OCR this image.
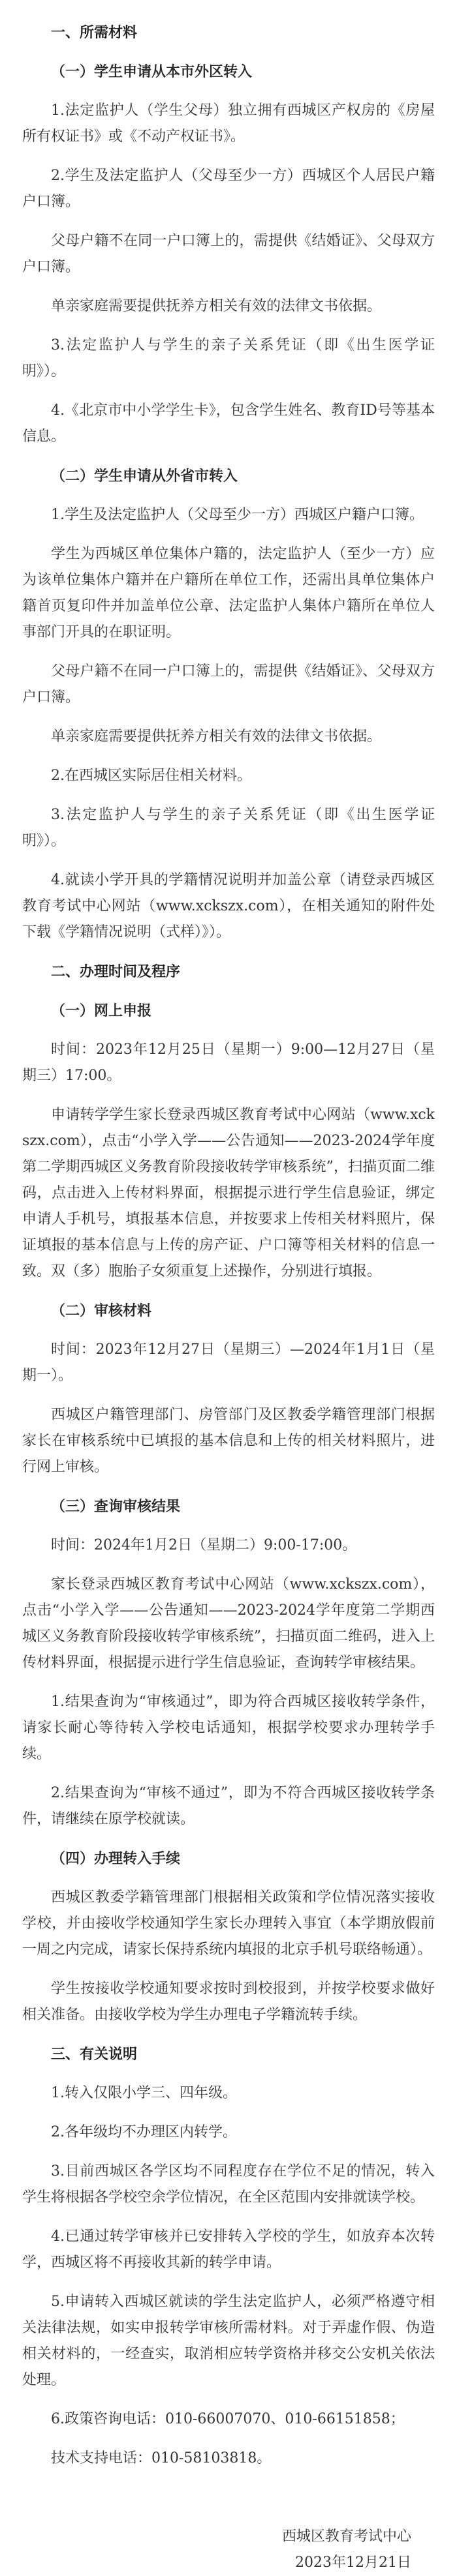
一、所需材料

（一）学生申请从本市外区转入

1.法定监护人（学生父母）独立拥有西城区产权房的《房屋所有权证书》或《不动产权证书》。

2.学生及法定监护人（父母至少一方）西城区个人居民户籍户口簿。

父母户籍不在同一户口簿上的，需提供《结婚证》、父母双方户口簿。

单亲家庭需要提供抚养方相关有效的法律文书依据。

3.法定监护人与学生的亲子关系凭证（即《出生医学证明》）。

4.《北京市中小学学生卡》，包含学生姓名、教育ID号等基本信息。

（二）学生申请从外省市转入

1.学生及法定监护人（父母至少一方）西城区户籍户口簿。

学生为西城区单位集体户籍的，法定监护人（至少一方）应为该单位集体户籍并在户籍所在单位工作，还需出具单位集体户籍首页复印件并加盖单位公章、法定监护人集体户籍所在单位人事部门开具的在职证明。

父母户籍不在同一户口簿上的，需提供《结婚证》、父母双方户口簿。

单亲家庭需要提供抚养方相关有效的法律文书依据。

2.在西城区实际居住相关材料。

3.法定监护人与学生的亲子关系凭证（即《出生医学证明》）。

4.就读小学开具的学籍情况说明并加盖公章（请登录西城区教育考试中心网站（www.xckszx.com），在相关通知的附件处下载《学籍情况说明（式样）》）。

二、办理时间及程序

（一）网上申报

时间：2023年12月25日（星期一）9:00—12月27日（星期三）17:00。

申请转学学生家长登录西城区教育考试中心网站（www.xckszx.com），点击“小学入学——公告通知——2023-2024学年度第二学期西城区义务教育阶段接收转学审核系统”，扫描页面二维码，点击进入上传材料界面，根据提示进行学生信息验证，绑定申请人手机号，填报基本信息，并按要求上传相关材料照片，保证填报的基本信息与上传的房产证、户口簿等相关材料的信息一致。双（多）胞胎子女须重复上述操作，分别进行填报。

（二）审核材料

时间：2023年12月27日（星期三）—2024年1月1日（星期一）。

西城区户籍管理部门、房管部门及区教委学籍管理部门根据家长在审核系统中已填报的基本信息和上传的相关材料照片，进行网上审核。

（三）查询审核结果

时间：2024年1月2日（星期二）9:00-17:00。

家长登录西城区教育考试中心网站（www.xckszx.com），点击“小学入学——公告通知——2023-2024学年度第二学期西城区义务教育阶段接收转学审核系统”，扫描页面二维码，进入上传材料界面，根据提示进行学生信息验证，查询转学审核结果。

1.结果查询为“审核通过”，即为符合西城区接收转学条件，请家长耐心等待转入学校电话通知，根据学校要求办理转学手续。

2.结果查询为“审核不通过”，即为不符合西城区接收转学条件，请继续在原学校就读。

（四）办理转入手续

西城区教委学籍管理部门根据相关政策和学位情况落实接收学校，并由接收学校通知学生家长办理转入事宜（本学期放假前一周之内完成，请家长保持系统内填报的北京手机号联络畅通）。

学生按接收学校通知要求按时到校报到，并按学校要求做好相关准备。由接收学校为学生办理电子学籍流转手续。

三、有关说明

1.转入仅限小学三、四年级。

2.各年级均不办理区内转学。

3.目前西城区各学区均不同程度存在学位不足的情况，转入学生将根据各学校空余学位情况，在全区范围内安排就读学校。

4.已通过转学审核并已安排转入学校的学生，如放弃本次转学，西城区将不再接收其新的转学申请。

5.申请转入西城区就读的学生法定监护人，必须严格遵守相关法律法规，如实申报转学审核所需材料。对于弄虚作假、伪造相关材料的，一经查实，取消相应转学资格并移交公安机关依法处理。

6.政策咨询电话：010-66007070、010-66151858；

技术支持电话：010-58103818。

西城区教育考试中心
2023年12月21日
